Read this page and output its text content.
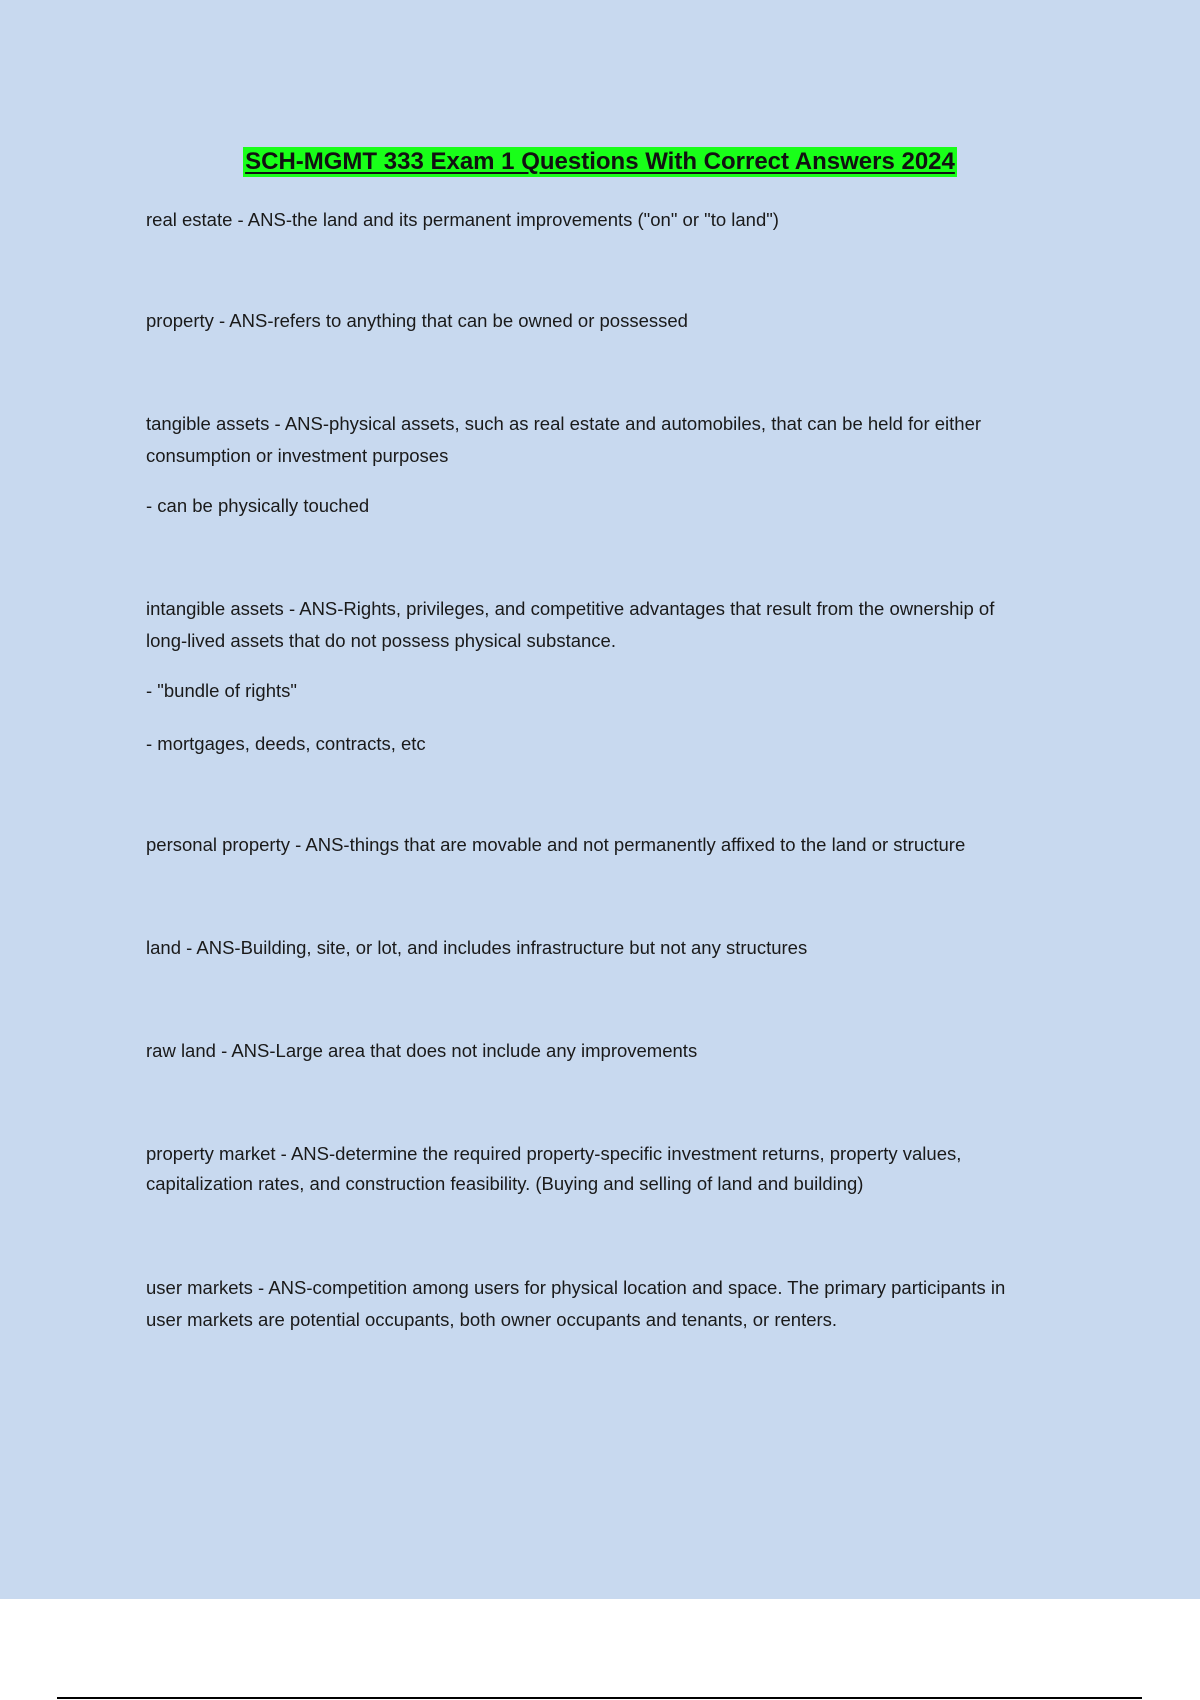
SCH-MGMT 333 Exam 1 Questions With Correct Answers 2024
real estate - ANS-the land and its permanent improvements ("on" or "to land")
property - ANS-refers to anything that can be owned or possessed
tangible assets - ANS-physical assets, such as real estate and automobiles, that can be held for either
consumption or investment purposes
- can be physically touched
intangible assets - ANS-Rights, privileges, and competitive advantages that result from the ownership of
long-lived assets that do not possess physical substance.
- "bundle of rights"
- mortgages, deeds, contracts, etc
personal property - ANS-things that are movable and not permanently affixed to the land or structure
land - ANS-Building, site, or lot, and includes infrastructure but not any structures
raw land - ANS-Large area that does not include any improvements
property market - ANS-determine the required property-specific investment returns, property values,
capitalization rates, and construction feasibility. (Buying and selling of land and building)
user markets - ANS-competition among users for physical location and space. The primary participants in
user markets are potential occupants, both owner occupants and tenants, or renters.
